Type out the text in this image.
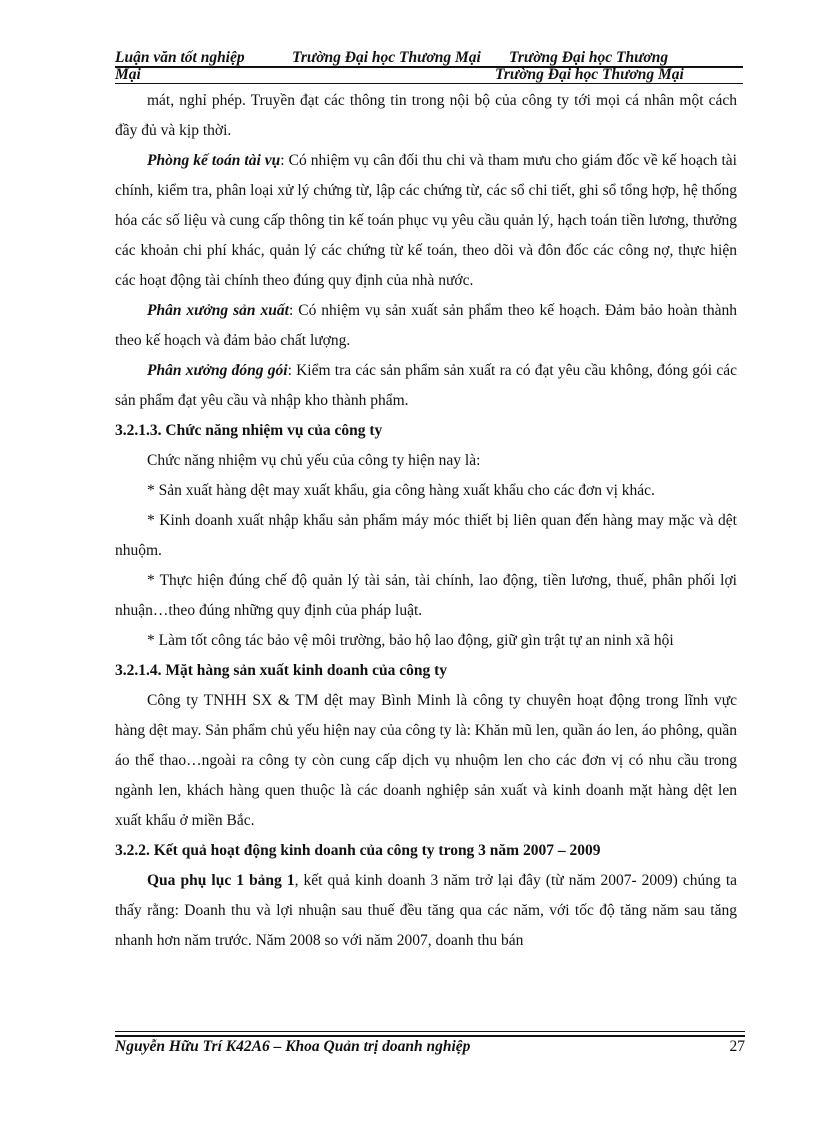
Luận văn tốt nghiệp	Trường Đại học Thương Mại Trường Đại học Thương
Mại	Trường Đại học Thương Mại

mát, nghỉ phép. Truyền đạt các thông tin trong nội bộ của công ty tới mọi cá nhân một cách đầy đủ và kịp thời.

Phòng kế toán tài vụ: Có nhiệm vụ cân đối thu chi và tham mưu cho giám đốc về kế hoạch tài chính, kiểm tra, phân loại xử lý chứng từ, lập các chứng từ, các sổ chi tiết, ghi sổ tổng hợp, hệ thống hóa các số liệu và cung cấp thông tin kế toán phục vụ yêu cầu quản lý, hạch toán tiền lương, thưởng các khoản chi phí khác, quản lý các chứng từ kế toán, theo dõi và đôn đốc các công nợ, thực hiện các hoạt động tài chính theo đúng quy định của nhà nước.

Phân xưởng sản xuất: Có nhiệm vụ sản xuất sản phẩm theo kế hoạch. Đảm bảo hoàn thành theo kế hoạch và đảm bảo chất lượng.

Phân xưởng đóng gói: Kiểm tra các sản phẩm sản xuất ra có đạt yêu cầu không, đóng gói các sản phẩm đạt yêu cầu và nhập kho thành phẩm.

3.2.1.3. Chức năng nhiệm vụ của công ty

Chức năng nhiệm vụ chủ yếu của công ty hiện nay là:

* Sản xuất hàng dệt may xuất khẩu, gia công hàng xuất khẩu cho các đơn vị khác.

* Kinh doanh xuất nhập khẩu sản phẩm máy móc thiết bị liên quan đến hàng may mặc và dệt nhuộm.

* Thực hiện đúng chế độ quản lý tài sản, tài chính, lao động, tiền lương, thuế, phân phối lợi nhuận…theo đúng những quy định của pháp luật.

* Làm tốt công tác bảo vệ môi trường, bảo hộ lao động, giữ gìn trật tự an ninh xã hội

3.2.1.4. Mặt hàng sản xuất kinh doanh của công ty

Công ty TNHH SX & TM dệt may Bình Minh là công ty chuyên hoạt động trong lĩnh vực hàng dệt may. Sản phẩm chủ yếu hiện nay của công ty là: Khăn mũ len, quần áo len, áo phông, quần áo thể thao…ngoài ra công ty còn cung cấp dịch vụ nhuộm len cho các đơn vị có nhu cầu trong ngành len, khách hàng quen thuộc là các doanh nghiệp sản xuất và kinh doanh mặt hàng dệt len xuất khẩu ở miền Bắc.

3.2.2. Kết quả hoạt động kinh doanh của công ty trong 3 năm 2007 – 2009

Qua phụ lục 1 bảng 1, kết quả kinh doanh 3 năm trở lại đây (từ năm 2007- 2009) chúng ta thấy rằng: Doanh thu và lợi nhuận sau thuế đều tăng qua các năm, với tốc độ tăng năm sau tăng nhanh hơn năm trước. Năm 2008 so với năm 2007, doanh thu bán

Nguyễn Hữu Trí K42A6 – Khoa Quản trị doanh nghiệp	27
